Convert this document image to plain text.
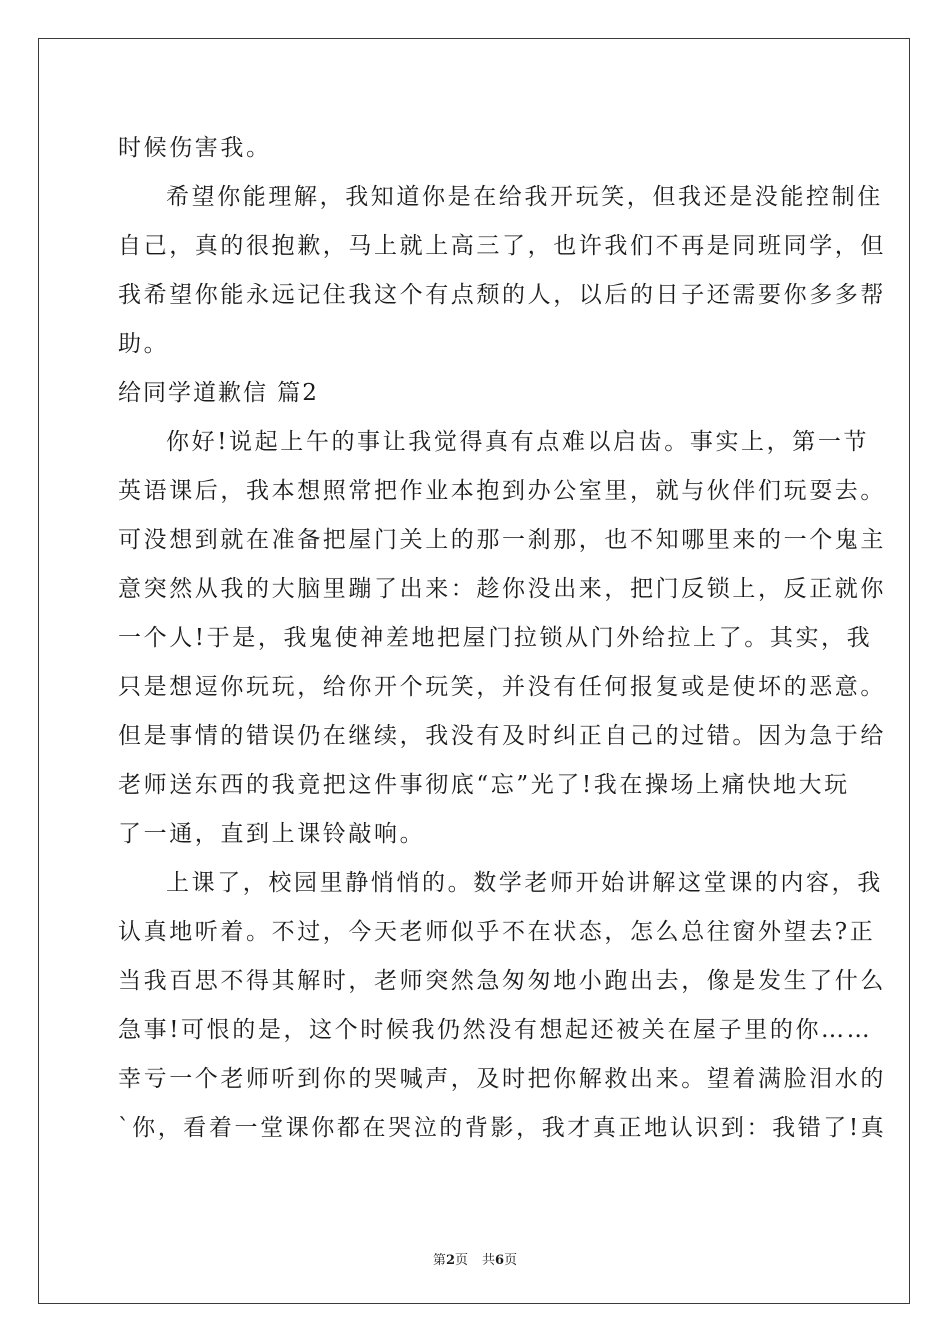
时候伤害我。
希望你能理解，我知道你是在给我开玩笑，但我还是没能控制住
自己，真的很抱歉，马上就上高三了，也许我们不再是同班同学，但
我希望你能永远记住我这个有点颓的人，以后的日子还需要你多多帮
助。
给同学道歉信 篇2
你好!说起上午的事让我觉得真有点难以启齿。事实上，第一节
英语课后，我本想照常把作业本抱到办公室里，就与伙伴们玩耍去。
可没想到就在准备把屋门关上的那一刹那，也不知哪里来的一个鬼主
意突然从我的大脑里蹦了出来：趁你没出来，把门反锁上，反正就你
一个人!于是，我鬼使神差地把屋门拉锁从门外给拉上了。其实，我
只是想逗你玩玩，给你开个玩笑，并没有任何报复或是使坏的恶意。
但是事情的错误仍在继续，我没有及时纠正自己的过错。因为急于给
老师送东西的我竟把这件事彻底“忘”光了!我在操场上痛快地大玩
了一通，直到上课铃敲响。
上课了，校园里静悄悄的。数学老师开始讲解这堂课的内容，我
认真地听着。不过，今天老师似乎不在状态，怎么总往窗外望去?正
当我百思不得其解时，老师突然急匆匆地小跑出去，像是发生了什么
急事!可恨的是，这个时候我仍然没有想起还被关在屋子里的你……
幸亏一个老师听到你的哭喊声，及时把你解救出来。望着满脸泪水的
`你，看着一堂课你都在哭泣的背影，我才真正地认识到：我错了!真
第2页 共6页
